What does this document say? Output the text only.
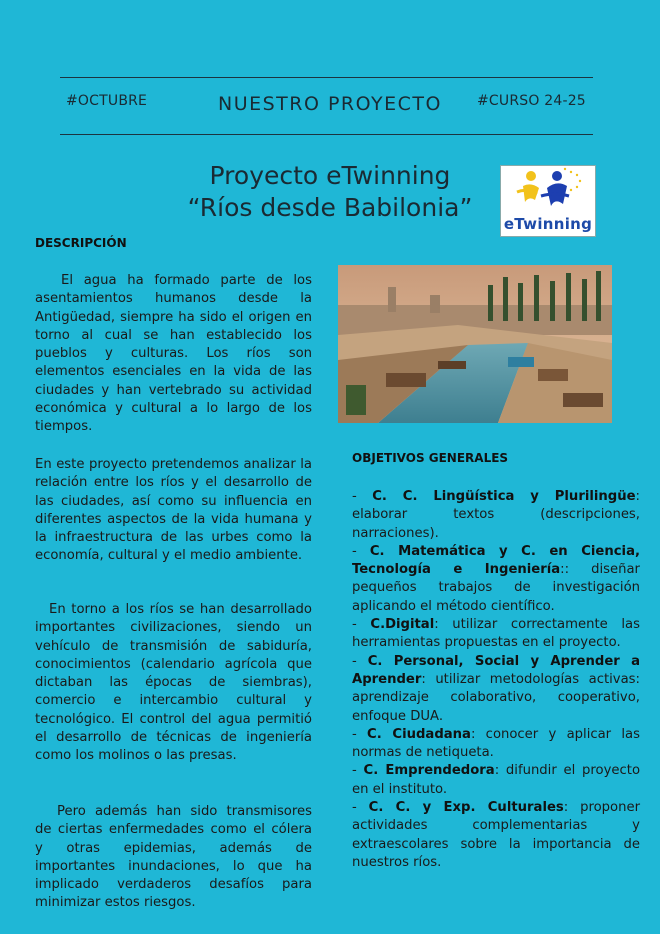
#OCTUBRE	NUESTRO PROYECTO	#CURSO 24-25
Proyecto eTwinning
“Ríos desde Babilonia”
eTwinning
DESCRIPCIÓN

El agua ha formado parte de los asentamientos humanos desde la Antigüedad, siempre ha sido el origen en torno al cual se han establecido los pueblos y culturas. Los ríos son elementos esenciales en la vida de las ciudades y han vertebrado su actividad económica y cultural a lo largo de los tiempos.

En este proyecto pretendemos analizar la relación entre los ríos y el desarrollo de las ciudades, así como su influencia en diferentes aspectos de la vida humana y la infraestructura de las urbes como la economía, cultural y el medio ambiente.

En torno a los ríos se han desarrollado importantes civilizaciones, siendo un vehículo de transmisión de sabiduría, conocimientos (calendario agrícola que dictaban las épocas de siembras), comercio e intercambio cultural y tecnológico. El control del agua permitió el desarrollo de técnicas de ingeniería como los molinos o las presas.

Pero además han sido transmisores de ciertas enfermedades como el cólera y otras epidemias, además de importantes inundaciones, lo que ha implicado verdaderos desafíos para minimizar estos riesgos.

OBJETIVOS GENERALES

- C. C. Lingüística y Plurilingüe: elaborar textos (descripciones, narraciones).

- C. Matemática y C. en Ciencia, Tecnología e Ingeniería:: diseñar pequeños trabajos de investigación aplicando el método científico.

- C.Digital: utilizar correctamente las herramientas propuestas en el proyecto.

- C. Personal, Social y Aprender a Aprender: utilizar metodologías activas: aprendizaje colaborativo, cooperativo, enfoque DUA.

- C. Ciudadana: conocer y aplicar las normas de netiqueta.

- C. Emprendedora: difundir el proyecto en el instituto.

- C. C. y Exp. Culturales: proponer actividades complementarias y extraescolares sobre la importancia de nuestros ríos.
